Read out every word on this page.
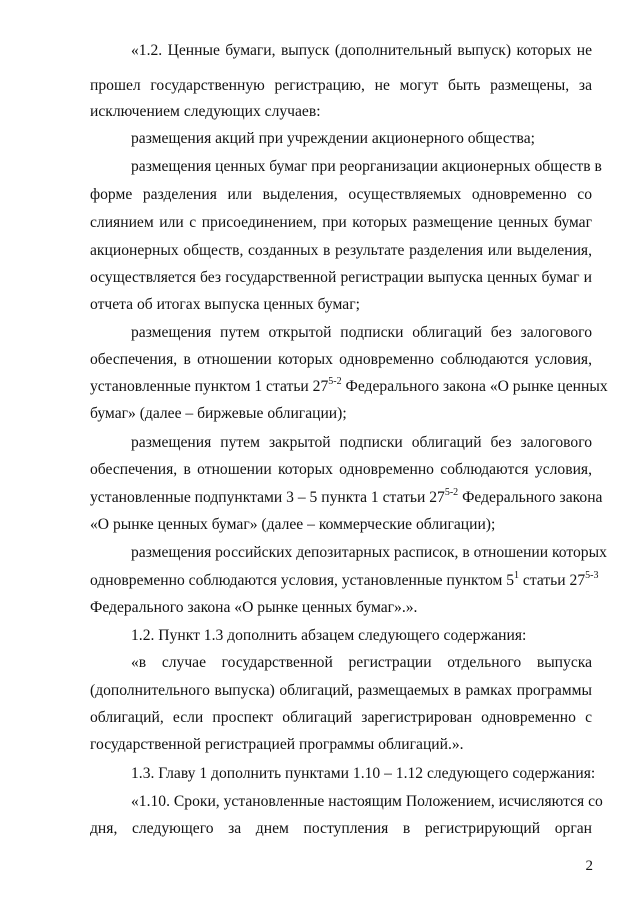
«1.2. Ценные бумаги, выпуск (дополнительный выпуск) которых не
прошел государственную регистрацию, не могут быть размещены, за
исключением следующих случаев:
размещения акций при учреждении акционерного общества;
размещения ценных бумаг при реорганизации акционерных обществ в
форме разделения или выделения, осуществляемых одновременно со
слиянием или с присоединением, при которых размещение ценных бумаг
акционерных обществ, созданных в результате разделения или выделения,
осуществляется без государственной регистрации выпуска ценных бумаг и
отчета об итогах выпуска ценных бумаг;
размещения путем открытой подписки облигаций без залогового
обеспечения, в отношении которых одновременно соблюдаются условия,
установленные пунктом 1 статьи 27$^{5-2}$ Федерального закона «О рынке ценных
бумаг» (далее – биржевые облигации);
размещения путем закрытой подписки облигаций без залогового
обеспечения, в отношении которых одновременно соблюдаются условия,
установленные подпунктами 3 – 5 пункта 1 статьи 27$^{5-2}$ Федерального закона
«О рынке ценных бумаг» (далее – коммерческие облигации);
размещения российских депозитарных расписок, в отношении которых
одновременно соблюдаются условия, установленные пунктом $5^1$ статьи 27$^{5-3}$
Федерального закона «О рынке ценных бумаг».».
1.2. Пункт 1.3 дополнить абзацем следующего содержания:
«в случае государственной регистрации отдельного выпуска
(дополнительного выпуска) облигаций, размещаемых в рамках программы
облигаций, если проспект облигаций зарегистрирован одновременно с
государственной регистрацией программы облигаций.».
1.3. Главу 1 дополнить пунктами 1.10 – 1.12 следующего содержания:
«1.10. Сроки, установленные настоящим Положением, исчисляются со
дня, следующего за днем поступления в регистрирующий орган
2
